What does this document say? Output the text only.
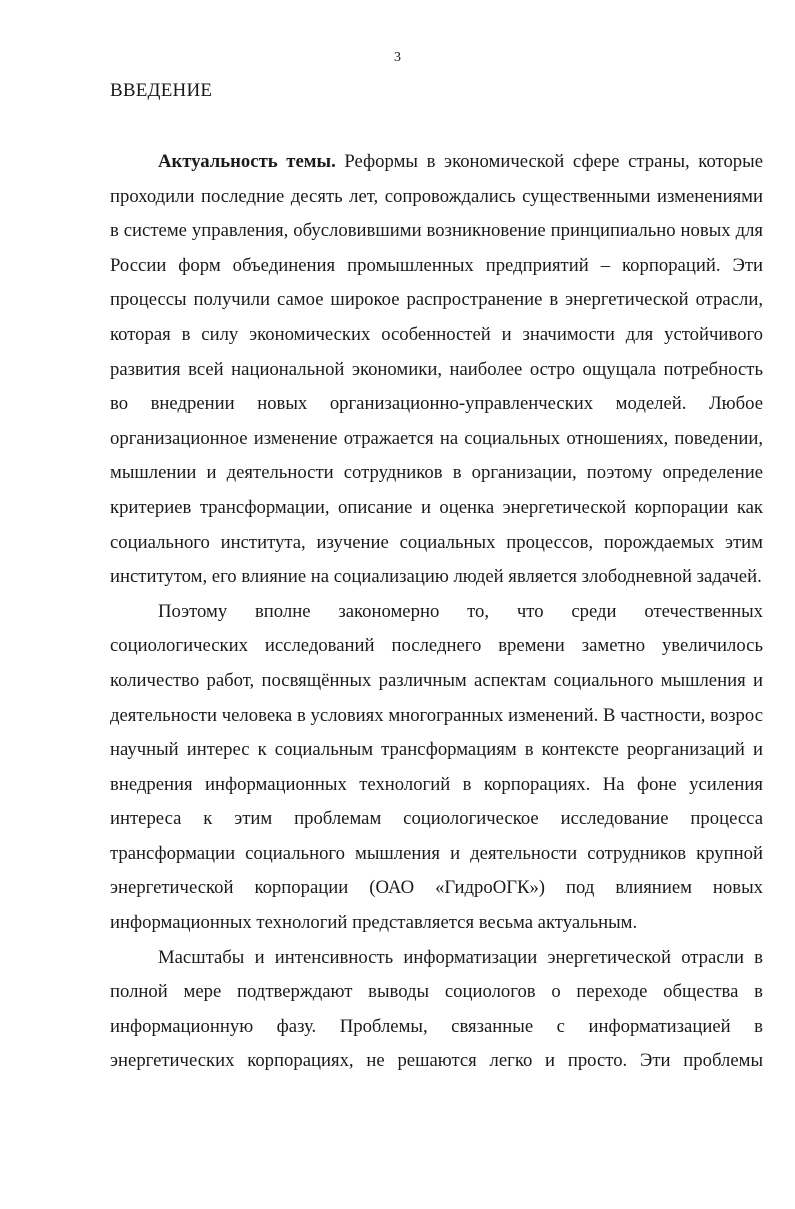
3
ВВЕДЕНИЕ

Актуальность темы. Реформы в экономической сфере страны, которые проходили последние десять лет, сопровождались существенными изменениями в системе управления, обусловившими возникновение принципиально новых для России форм объединения промышленных предприятий – корпораций. Эти процессы получили самое широкое распространение в энергетической отрасли, которая в силу экономических особенностей и значимости для устойчивого развития всей национальной экономики, наиболее остро ощущала потребность во внедрении новых организационно-управленческих моделей. Любое организационное изменение отражается на социальных отношениях, поведении, мышлении и деятельности сотрудников в организации, поэтому определение критериев трансформации, описание и оценка энергетической корпорации как социального института, изучение социальных процессов, порождаемых этим институтом, его влияние на социализацию людей является злободневной задачей.

Поэтому вполне закономерно то, что среди отечественных социологических исследований последнего времени заметно увеличилось количество работ, посвящённых различным аспектам социального мышления и деятельности человека в условиях многогранных изменений. В частности, возрос научный интерес к социальным трансформациям в контексте реорганизаций и внедрения информационных технологий в корпорациях. На фоне усиления интереса к этим проблемам социологическое исследование процесса трансформации социального мышления и деятельности сотрудников крупной энергетической корпорации (ОАО «ГидроОГК») под влиянием новых информационных технологий представляется весьма актуальным.

Масштабы и интенсивность информатизации энергетической отрасли в полной мере подтверждают выводы социологов о переходе общества в информационную фазу. Проблемы, связанные с информатизацией в энергетических корпорациях, не решаются легко и просто. Эти проблемы
